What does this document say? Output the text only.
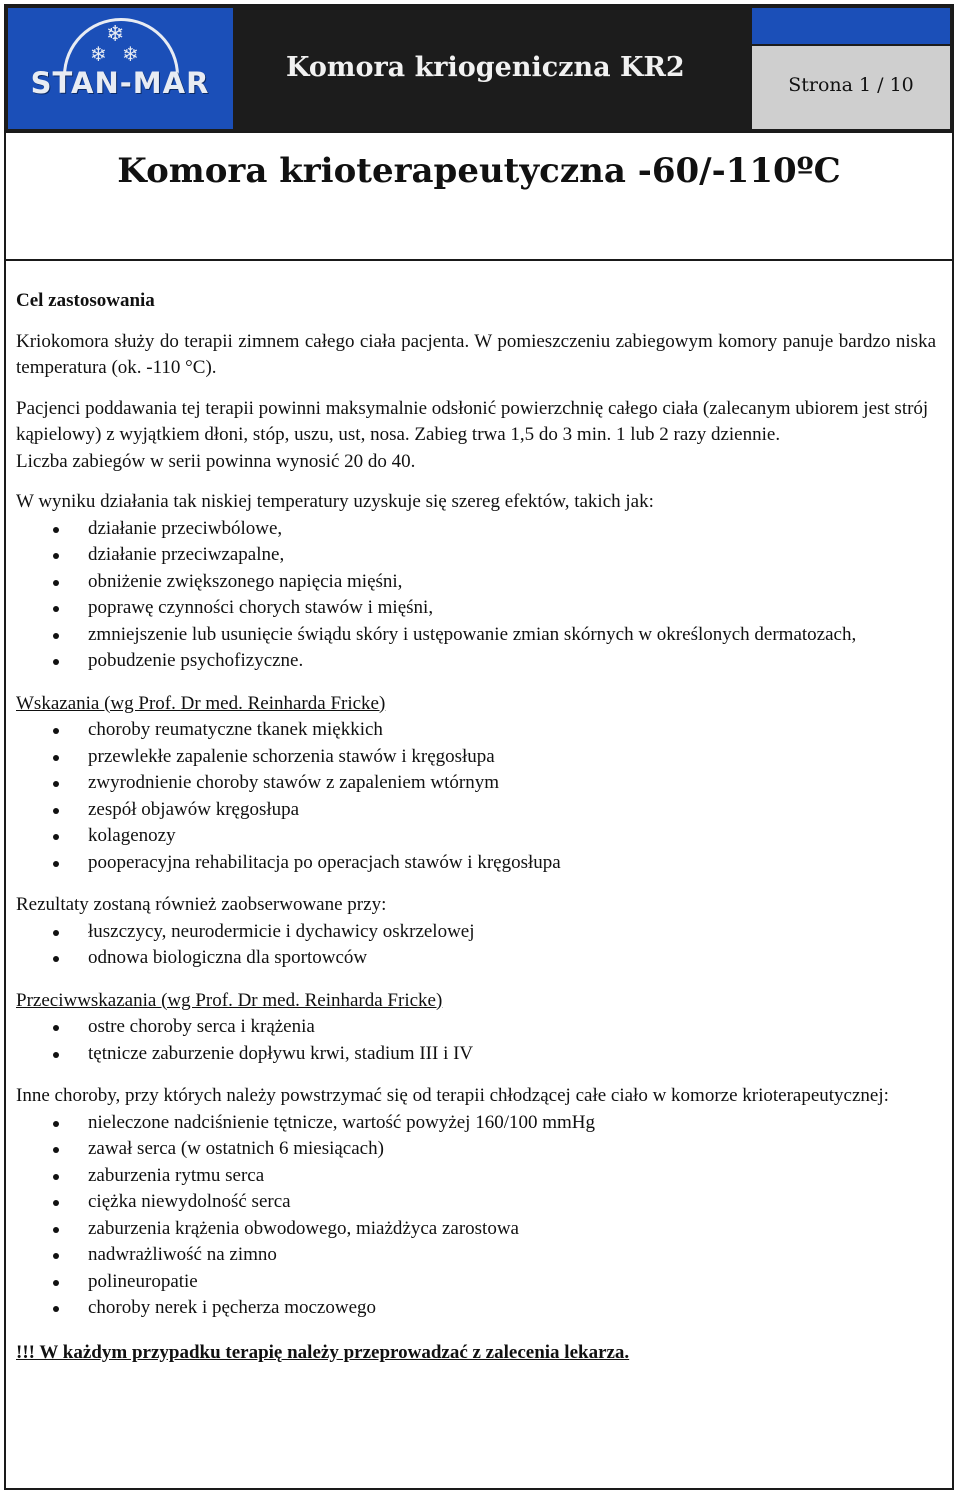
❄
❄ ❄
STAN-MAR	Komora kriogeniczna KR2
Strona 1 / 10
Komora krioterapeutyczna -60/-110ºC

Cel zastosowania

Kriokomora służy do terapii zimnem całego ciała pacjenta. W pomieszczeniu zabiegowym komory panuje bardzo niska temperatura (ok. -110 °C).

Pacjenci poddawania tej terapii powinni maksymalnie odsłonić powierzchnię całego ciała (zalecanym ubiorem jest strój kąpielowy) z wyjątkiem dłoni, stóp, uszu, ust, nosa. Zabieg trwa 1,5 do 3 min. 1 lub 2 razy dziennie.

Liczba zabiegów w serii powinna wynosić 20 do 40.

W wyniku działania tak niskiej temperatury uzyskuje się szereg efektów, takich jak:

działanie przeciwbólowe,
działanie przeciwzapalne,
obniżenie zwiększonego napięcia mięśni,
poprawę czynności chorych stawów i mięśni,
zmniejszenie lub usunięcie świądu skóry i ustępowanie zmian skórnych w określonych dermatozach,
pobudzenie psychofizyczne.

Wskazania (wg Prof. Dr med. Reinharda Fricke)

choroby reumatyczne tkanek miękkich
przewlekłe zapalenie schorzenia stawów i kręgosłupa
zwyrodnienie choroby stawów z zapaleniem wtórnym
zespół objawów kręgosłupa
kolagenozy
pooperacyjna rehabilitacja po operacjach stawów i kręgosłupa

Rezultaty zostaną również zaobserwowane przy:

łuszczycy, neurodermicie i dychawicy oskrzelowej
odnowa biologiczna dla sportowców

Przeciwwskazania (wg Prof. Dr med. Reinharda Fricke)

ostre choroby serca i krążenia
tętnicze zaburzenie dopływu krwi, stadium III i IV

Inne choroby, przy których należy powstrzymać się od terapii chłodzącej całe ciało w komorze krioterapeutycznej:

nieleczone nadciśnienie tętnicze, wartość powyżej 160/100 mmHg
zawał serca (w ostatnich 6 miesiącach)
zaburzenia rytmu serca
ciężka niewydolność serca
zaburzenia krążenia obwodowego, miażdżyca zarostowa
nadwrażliwość na zimno
polineuropatie
choroby nerek i pęcherza moczowego

!!! W każdym przypadku terapię należy przeprowadzać z zalecenia lekarza.
